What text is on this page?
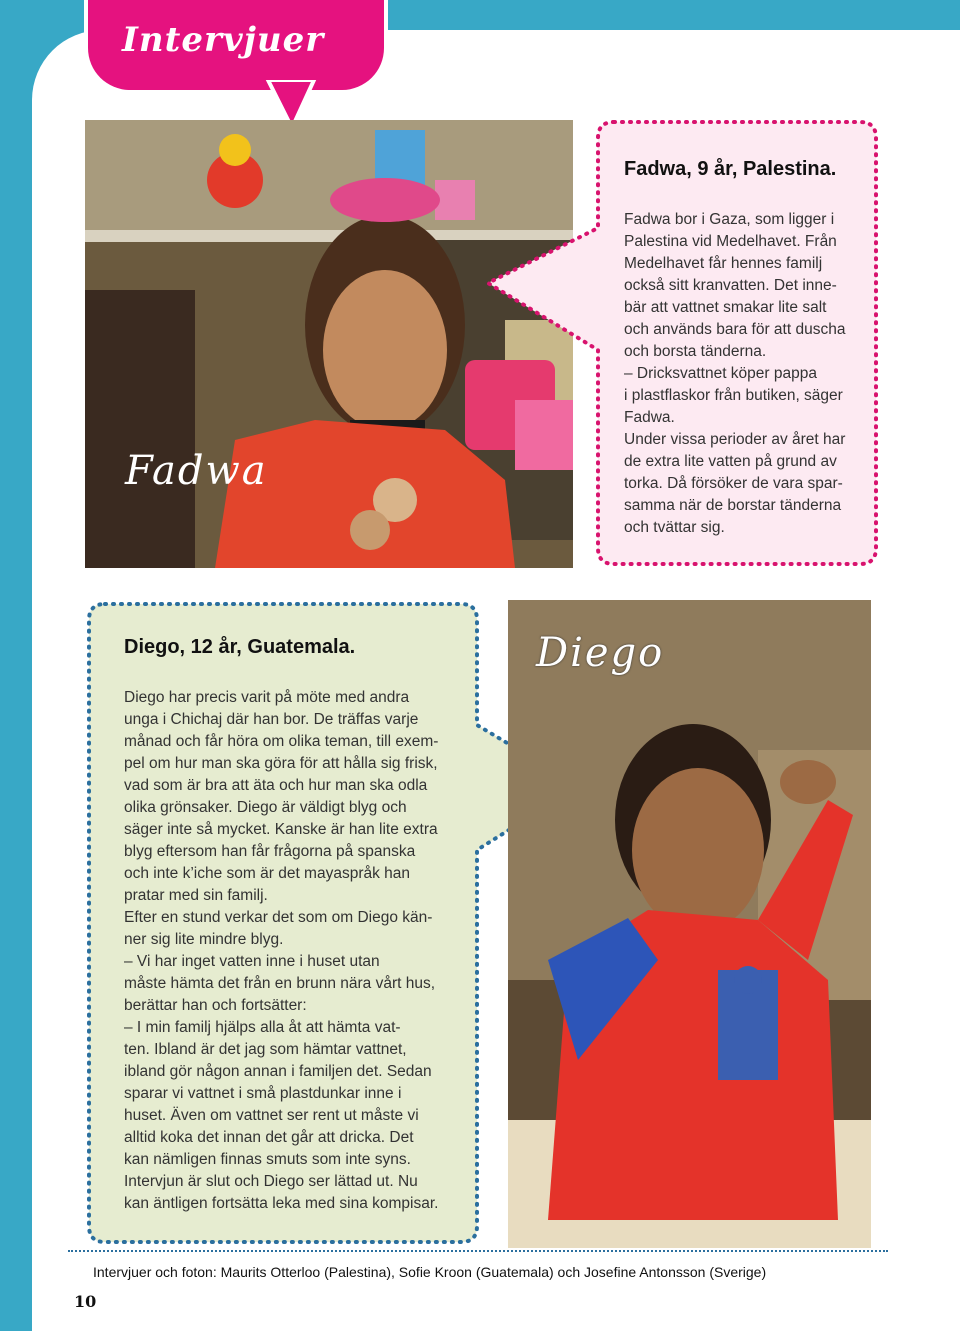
Intervjuer
Fadwa
Fadwa, 9 år, Palestina.

Fadwa bor i Gaza, som ligger i
Palestina vid Medelhavet. Från
Medelhavet får hennes familj
också sitt kranvatten. Det inne-
bär att vattnet smakar lite salt
och används bara för att duscha
och borsta tänderna.
– Dricksvattnet köper pappa
i plastflaskor från butiken, säger
Fadwa.
Under vissa perioder av året har
de extra lite vatten på grund av
torka. Då försöker de vara spar-
samma när de borstar tänderna
och tvättar sig.

Diego, 12 år, Guatemala.

Diego har precis varit på möte med andra
unga i Chichaj där han bor. De träffas varje
månad och får höra om olika teman, till exem-
pel om hur man ska göra för att hålla sig frisk,
vad som är bra att äta och hur man ska odla
olika grönsaker. Diego är väldigt blyg och
säger inte så mycket. Kanske är han lite extra
blyg eftersom han får frågorna på spanska
och inte k’iche som är det mayaspråk han
pratar med sin familj.
Efter en stund verkar det som om Diego kän-
ner sig lite mindre blyg.
– Vi har inget vatten inne i huset utan
måste hämta det från en brunn nära vårt hus,
berättar han och fortsätter:
– I min familj hjälps alla åt att hämta vat-
ten. Ibland är det jag som hämtar vattnet,
ibland gör någon annan i familjen det. Sedan
sparar vi vattnet i små plastdunkar inne i
huset. Även om vattnet ser rent ut måste vi
alltid koka det innan det går att dricka. Det
kan nämligen finnas smuts som inte syns.
Intervjun är slut och Diego ser lättad ut. Nu
kan äntligen fortsätta leka med sina kompisar.

Diego
Intervjuer och foton: Maurits Otterloo (Palestina), Sofie Kroon (Guatemala) och Josefine Antonsson (Sverige)
10
